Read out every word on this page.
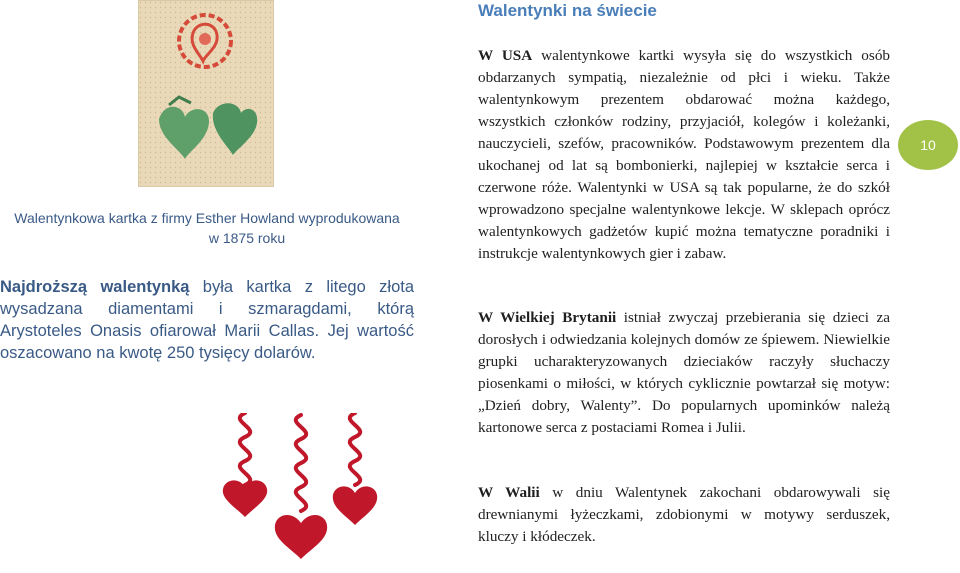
Walentynkowa kartka z firmy Esther Howland wyprodukowana
w 1875 roku
Najdroższą walentynką była kartka z litego złota wysadzana diamentami i szmaragdami, którą Arystoteles Onasis ofiarował Marii Callas. Jej wartość oszacowano na kwotę 250 tysięcy dolarów.
Walentynki na świecie

W USA walentynkowe kartki wysyła się do wszystkich osób obdarzanych sympatią, niezależnie od płci i wieku. Także walentynkowym prezentem obdarować można każdego, wszystkich członków rodziny, przyjaciół, kolegów i koleżanki, nauczycieli, szefów, pracowników. Podstawowym prezentem dla ukochanej od lat są bombonierki, najlepiej w kształcie serca i czerwone róże. Walentynki w USA są tak popularne, że do szkół wprowadzono specjalne walentynkowe lekcje. W sklepach oprócz walentynkowych gadżetów kupić można tematyczne poradniki i instrukcje walentynkowych gier i zabaw.

W Wielkiej Brytanii istniał zwyczaj przebierania się dzieci za dorosłych i odwiedzania kolejnych domów ze śpiewem. Niewielkie grupki ucharakteryzowanych dzieciaków raczyły słuchaczy piosenkami o miłości, w których cyklicznie powtarzał się motyw: „Dzień dobry, Walenty”. Do popularnych upominków należą kartonowe serca z postaciami Romea i Julii.

W Walii w dniu Walentynek zakochani obdarowywali się drewnianymi łyżeczkami, zdobionymi w motywy serduszek, kluczy i kłódeczek.

10
